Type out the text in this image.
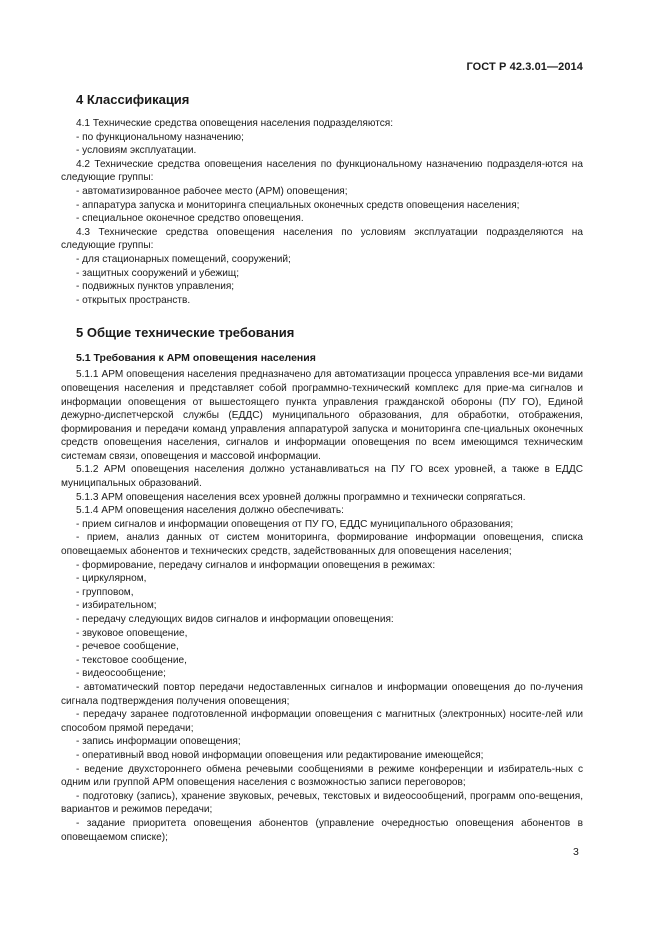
ГОСТ Р 42.3.01—2014
4 Классификация

4.1 Технические средства оповещения населения подразделяются:

- по функциональному назначению;

- условиям эксплуатации.

4.2 Технические средства оповещения населения по функциональному назначению подразделя-ются на следующие группы:

- автоматизированное рабочее место (АРМ) оповещения;

- аппаратура запуска и мониторинга специальных оконечных средств оповещения населения;

- специальное оконечное средство оповещения.

4.3 Технические средства оповещения населения по условиям эксплуатации подразделяются на следующие группы:

- для стационарных помещений, сооружений;

- защитных сооружений и убежищ;

- подвижных пунктов управления;

- открытых пространств.

5 Общие технические требования
5.1 Требования к АРМ оповещения населения

5.1.1 АРМ оповещения населения предназначено для автоматизации процесса управления все-ми видами оповещения населения и представляет собой программно-технический комплекс для прие-ма сигналов и информации оповещения от вышестоящего пункта управления гражданской обороны (ПУ ГО), Единой дежурно-диспетчерской службы (ЕДДС) муниципального образования, для обработки, отображения, формирования и передачи команд управления аппаратурой запуска и мониторинга спе-циальных оконечных средств оповещения населения, сигналов и информации оповещения по всем имеющимся техническим системам связи, оповещения и массовой информации.

5.1.2 АРМ оповещения населения должно устанавливаться на ПУ ГО всех уровней, а также в ЕДДС муниципальных образований.

5.1.3 АРМ оповещения населения всех уровней должны программно и технически сопрягаться.

5.1.4 АРМ оповещения населения должно обеспечивать:

- прием сигналов и информации оповещения от ПУ ГО, ЕДДС муниципального образования;

- прием, анализ данных от систем мониторинга, формирование информации оповещения, списка оповещаемых абонентов и технических средств, задействованных для оповещения населения;

- формирование, передачу сигналов и информации оповещения в режимах:

- циркулярном,

- групповом,

- избирательном;

- передачу следующих видов сигналов и информации оповещения:

- звуковое оповещение,

- речевое сообщение,

- текстовое сообщение,

- видеосообщение;

- автоматический повтор передачи недоставленных сигналов и информации оповещения до по-лучения сигнала подтверждения получения оповещения;

- передачу заранее подготовленной информации оповещения с магнитных (электронных) носите-лей или способом прямой передачи;

- запись информации оповещения;

- оперативный ввод новой информации оповещения или редактирование имеющейся;

- ведение двухстороннего обмена речевыми сообщениями в режиме конференции и избиратель-ных с одним или группой АРМ оповещения населения с возможностью записи переговоров;

- подготовку (запись), хранение звуковых, речевых, текстовых и видеосообщений, программ опо-вещения, вариантов и режимов передачи;

- задание приоритета оповещения абонентов (управление очередностью оповещения абонентов в оповещаемом списке);

3
